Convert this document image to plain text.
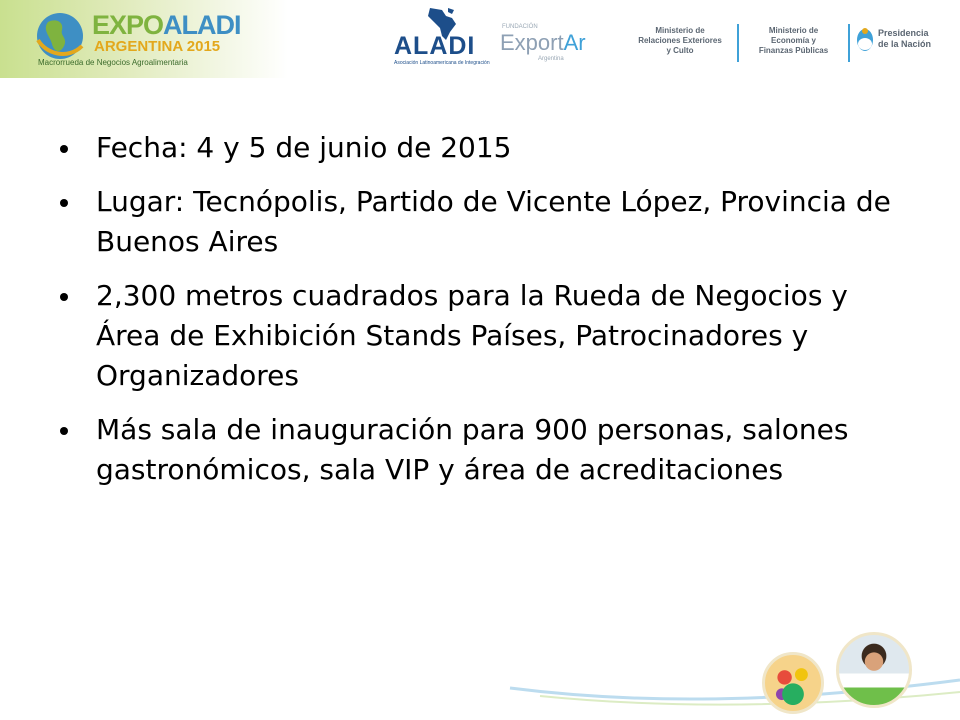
EXPOALADI
ARGENTINA 2015
Macrorrueda de Negocios Agroalimentaria
ALADI
Asociación Latinoamericana de Integración
FUNDACIÓN
ExportAr
Argentina
Ministerio de
Relaciones Exteriores
y Culto
Ministerio de
Economía y
Finanzas Públicas
Presidencia
de la Nación
Fecha: 4 y 5 de junio de 2015
Lugar: Tecnópolis, Partido de Vicente López, Provincia de Buenos Aires
2,300 metros cuadrados para la Rueda de Negocios y Área de Exhibición Stands Países, Patrocinadores y Organizadores
Más sala de inauguración para 900 personas, salones gastronómicos, sala VIP y área de acreditaciones
